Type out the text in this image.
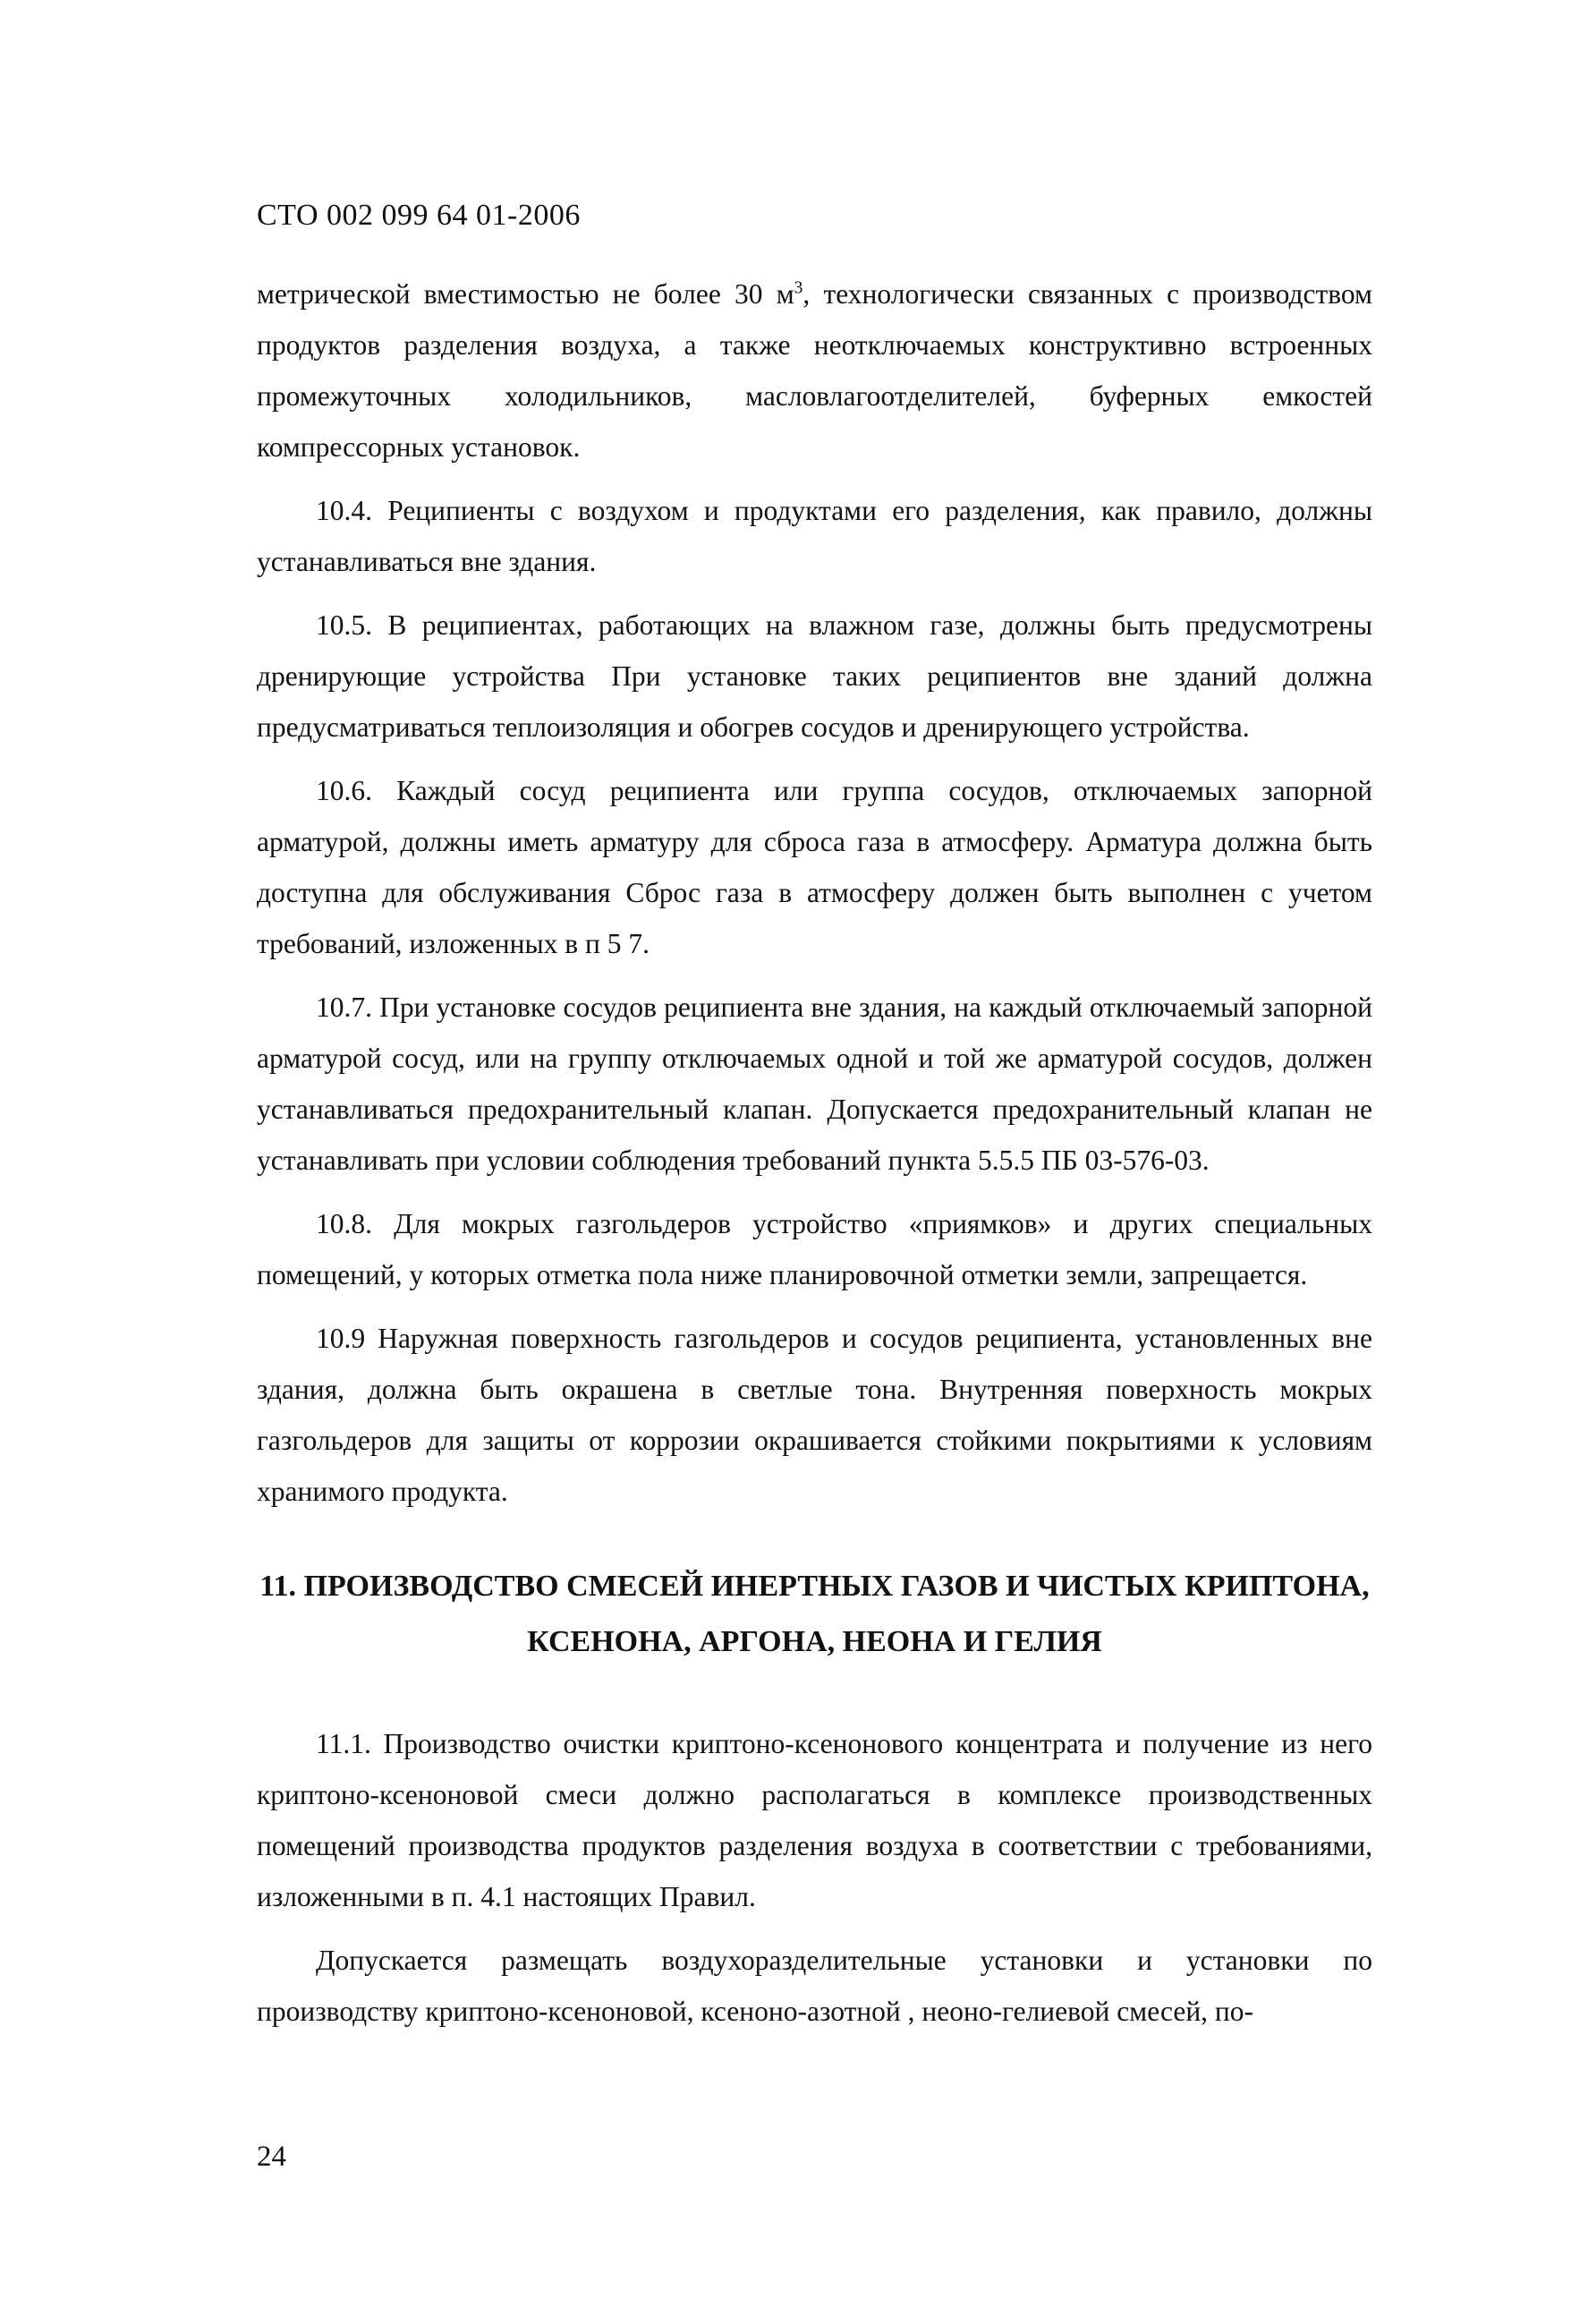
СТО 002 099 64 01-2006

метрической вместимостью не более 30 $м^3$, технологически связанных с производством продуктов разделения воздуха, а также неотключаемых конструктивно встроенных промежуточных холодильников, масловлагоотделителей, буферных емкостей компрессорных установок.

10.4. Реципиенты с воздухом и продуктами его разделения, как правило, должны устанавливаться вне здания.

10.5. В реципиентах, работающих на влажном газе, должны быть предусмотрены дренирующие устройства При установке таких реципиентов вне зданий должна предусматриваться теплоизоляция и обогрев сосудов и дренирующего устройства.

10.6. Каждый сосуд реципиента или группа сосудов, отключаемых запорной арматурой, должны иметь арматуру для сброса газа в атмосферу. Арматура должна быть доступна для обслуживания Сброс газа в атмосферу должен быть выполнен с учетом требований, изложенных в п 5 7.

10.7. При установке сосудов реципиента вне здания, на каждый отключаемый запорной арматурой сосуд, или на группу отключаемых одной и той же арматурой сосудов, должен устанавливаться предохранительный клапан. Допускается предохранительный клапан не устанавливать при условии соблюдения требований пункта 5.5.5 ПБ 03-576-03.

10.8. Для мокрых газгольдеров устройство «приямков» и других специальных помещений, у которых отметка пола ниже планировочной отметки земли, запрещается.

10.9 Наружная поверхность газгольдеров и сосудов реципиента, установленных вне здания, должна быть окрашена в светлые тона. Внутренняя поверхность мокрых газгольдеров для защиты от коррозии окрашивается стойкими покрытиями к условиям хранимого продукта.

11. ПРОИЗВОДСТВО СМЕСЕЙ ИНЕРТНЫХ ГАЗОВ И ЧИСТЫХ КРИПТОНА,
КСЕНОНА, АРГОНА, НЕОНА И ГЕЛИЯ

11.1. Производство очистки криптоно-ксенонового концентрата и получение из него криптоно-ксеноновой смеси должно располагаться в комплексе производственных помещений производства продуктов разделения воздуха в соответствии с требованиями, изложенными в п. 4.1 настоящих Правил.

Допускается размещать воздухоразделительные установки и установки по производству криптоно-ксеноновой, ксеноно-азотной , неоно-гелиевой смесей, по-

24
